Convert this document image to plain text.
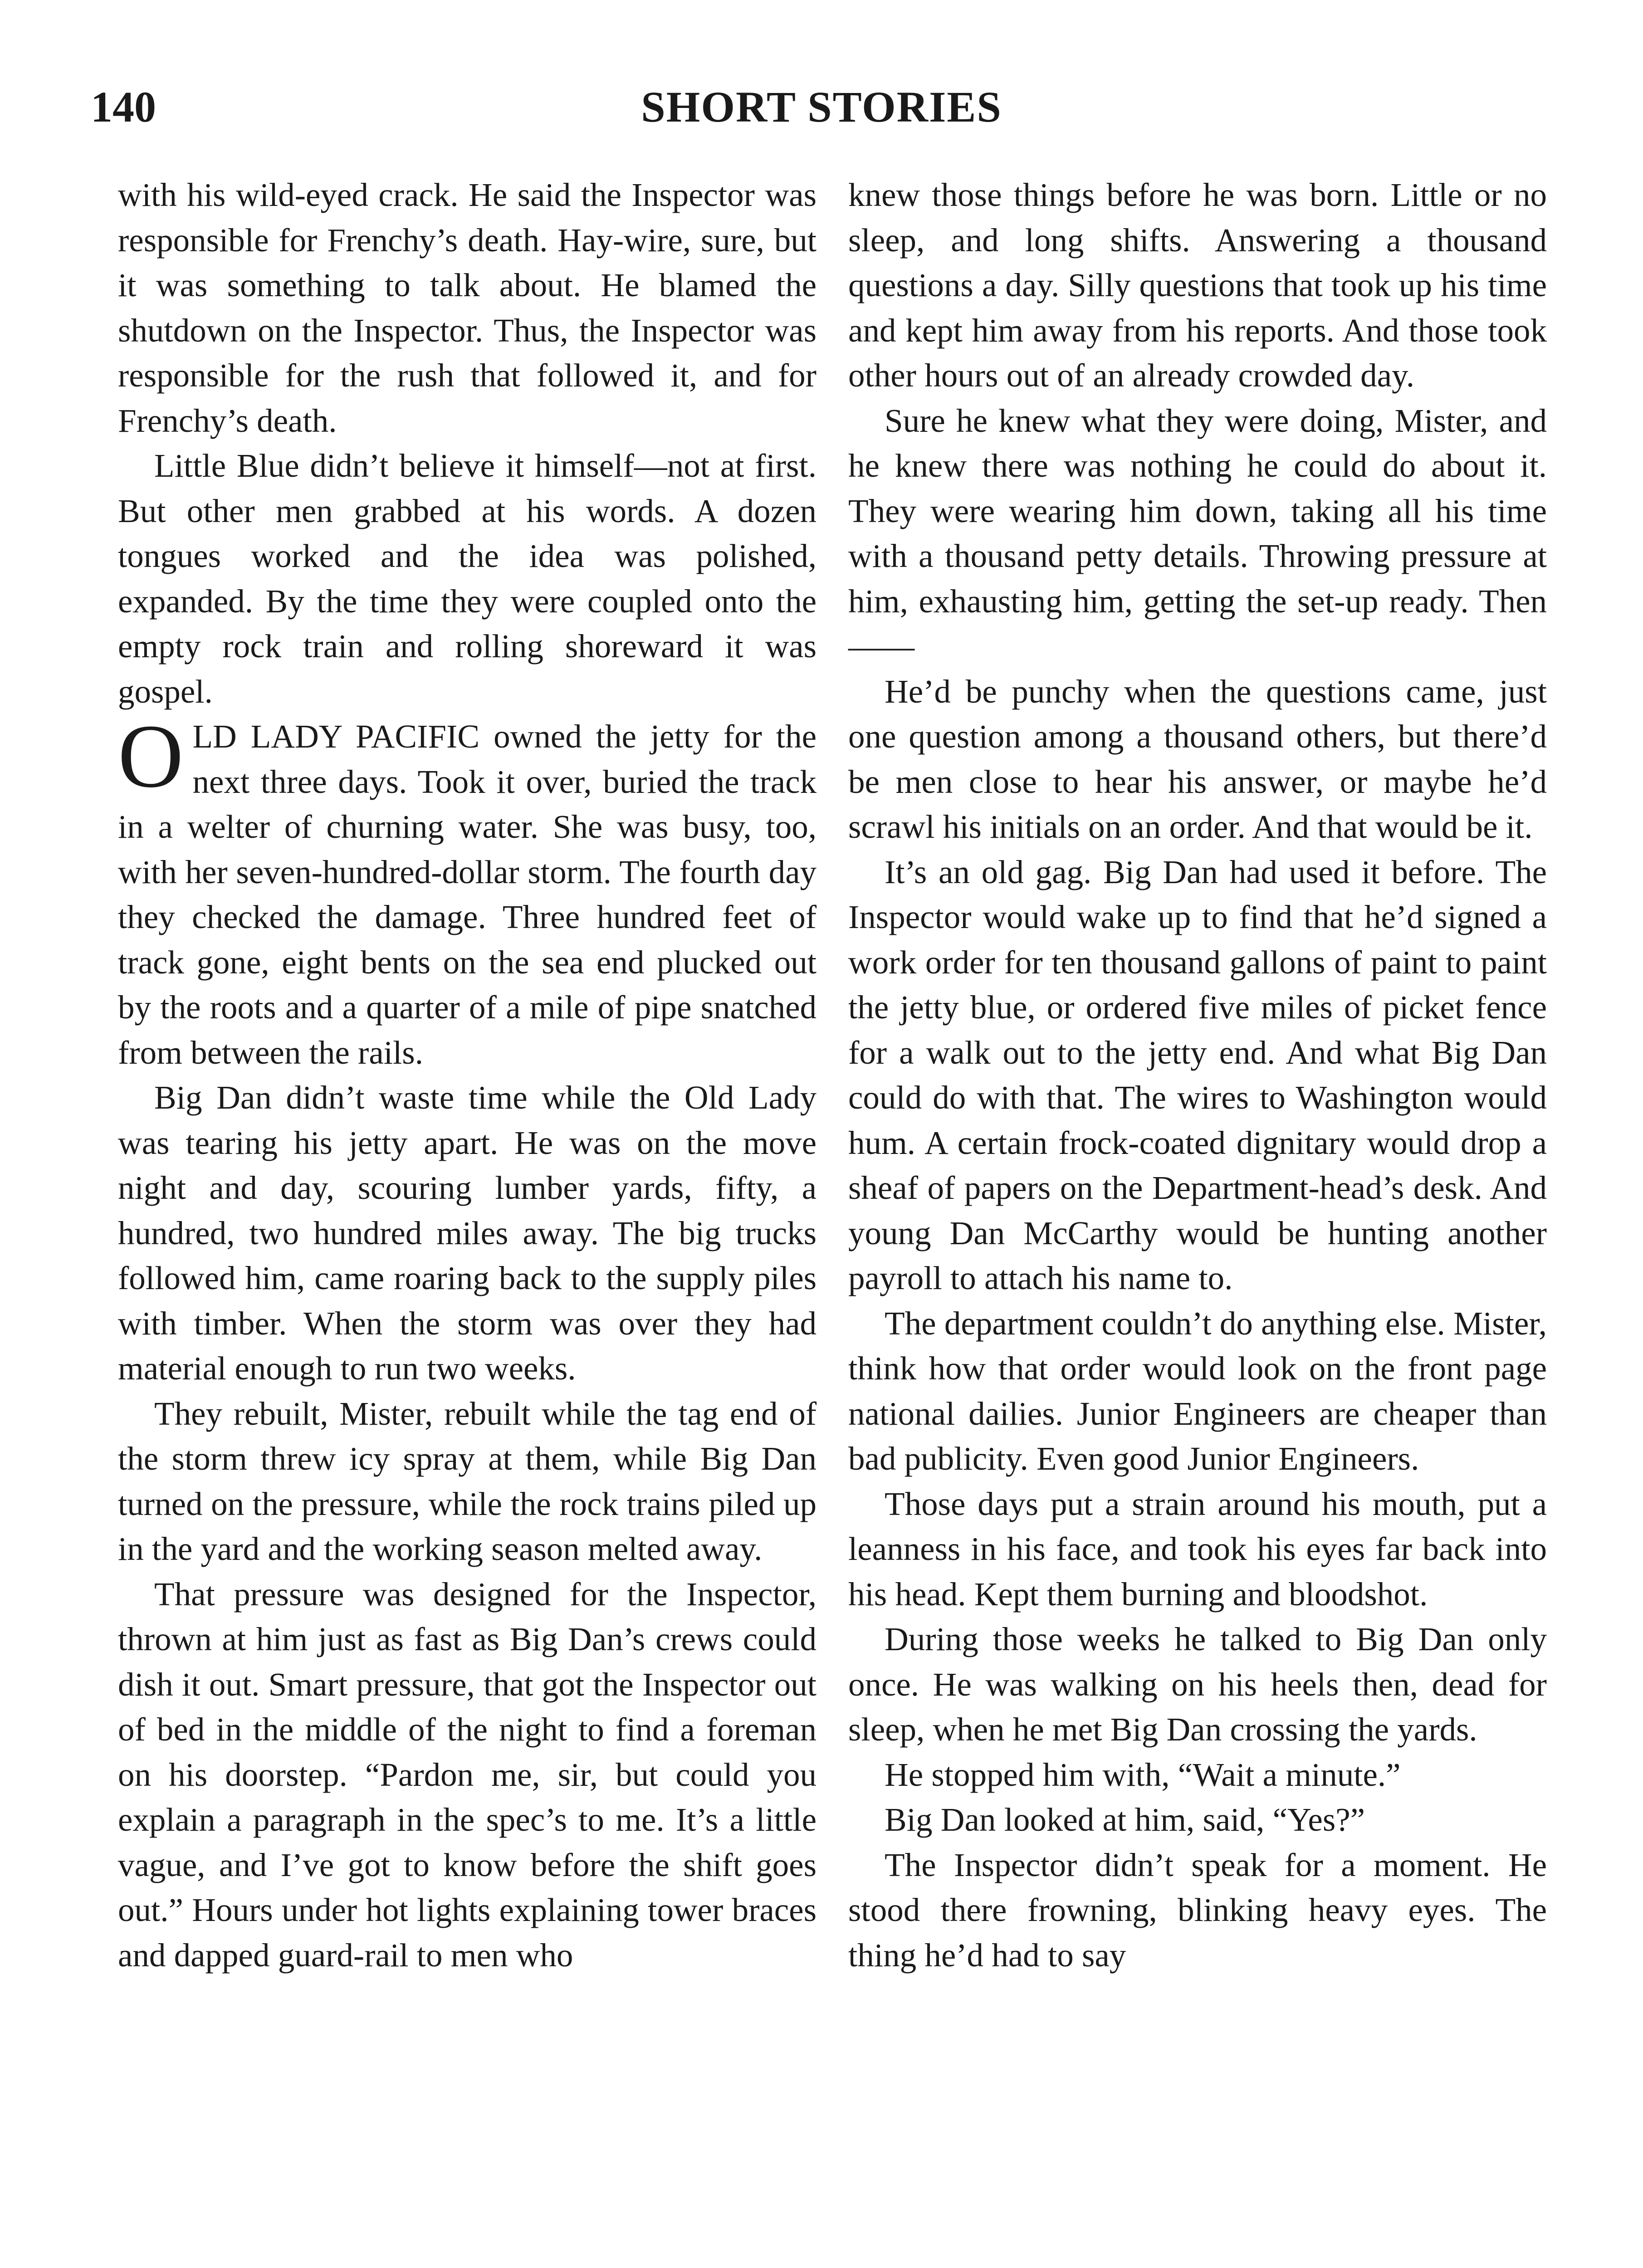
140	SHORT STORIES

with his wild-eyed crack. He said the Inspector was responsible for Frenchy’s death. Hay-wire, sure, but it was something to talk about. He blamed the shutdown on the Inspector. Thus, the Inspector was responsible for the rush that followed it, and for Frenchy’s death.

Little Blue didn’t believe it himself—not at first. But other men grabbed at his words. A dozen tongues worked and the idea was polished, expanded. By the time they were coupled onto the empty rock train and rolling shoreward it was gospel.

OLD LADY PACIFIC owned the jetty for the next three days. Took it over, buried the track in a welter of churning water. She was busy, too, with her seven-hundred-dollar storm. The fourth day they checked the damage. Three hundred feet of track gone, eight bents on the sea end plucked out by the roots and a quarter of a mile of pipe snatched from between the rails.

Big Dan didn’t waste time while the Old Lady was tearing his jetty apart. He was on the move night and day, scouring lumber yards, fifty, a hundred, two hundred miles away. The big trucks followed him, came roaring back to the supply piles with timber. When the storm was over they had material enough to run two weeks.

They rebuilt, Mister, rebuilt while the tag end of the storm threw icy spray at them, while Big Dan turned on the pressure, while the rock trains piled up in the yard and the working season melted away.

That pressure was designed for the Inspector, thrown at him just as fast as Big Dan’s crews could dish it out. Smart pressure, that got the Inspector out of bed in the middle of the night to find a foreman on his doorstep. “Pardon me, sir, but could you explain a paragraph in the spec’s to me. It’s a little vague, and I’ve got to know before the shift goes out.” Hours under hot lights explaining tower braces and dapped guard-rail to men who

knew those things before he was born. Little or no sleep, and long shifts. Answering a thousand questions a day. Silly questions that took up his time and kept him away from his reports. And those took other hours out of an already crowded day.

Sure he knew what they were doing, Mister, and he knew there was nothing he could do about it. They were wearing him down, taking all his time with a thousand petty details. Throwing pressure at him, exhausting him, getting the set-up ready. Then——

He’d be punchy when the questions came, just one question among a thousand others, but there’d be men close to hear his answer, or maybe he’d scrawl his initials on an order. And that would be it.

It’s an old gag. Big Dan had used it before. The Inspector would wake up to find that he’d signed a work order for ten thousand gallons of paint to paint the jetty blue, or ordered five miles of picket fence for a walk out to the jetty end. And what Big Dan could do with that. The wires to Washington would hum. A certain frock-coated dignitary would drop a sheaf of papers on the Department-head’s desk. And young Dan McCarthy would be hunting another payroll to attach his name to.

The department couldn’t do anything else. Mister, think how that order would look on the front page national dailies. Junior Engineers are cheaper than bad publicity. Even good Junior Engineers.

Those days put a strain around his mouth, put a leanness in his face, and took his eyes far back into his head. Kept them burning and bloodshot.

During those weeks he talked to Big Dan only once. He was walking on his heels then, dead for sleep, when he met Big Dan crossing the yards.

He stopped him with, “Wait a minute.”

Big Dan looked at him, said, “Yes?”

The Inspector didn’t speak for a moment. He stood there frowning, blinking heavy eyes. The thing he’d had to say
